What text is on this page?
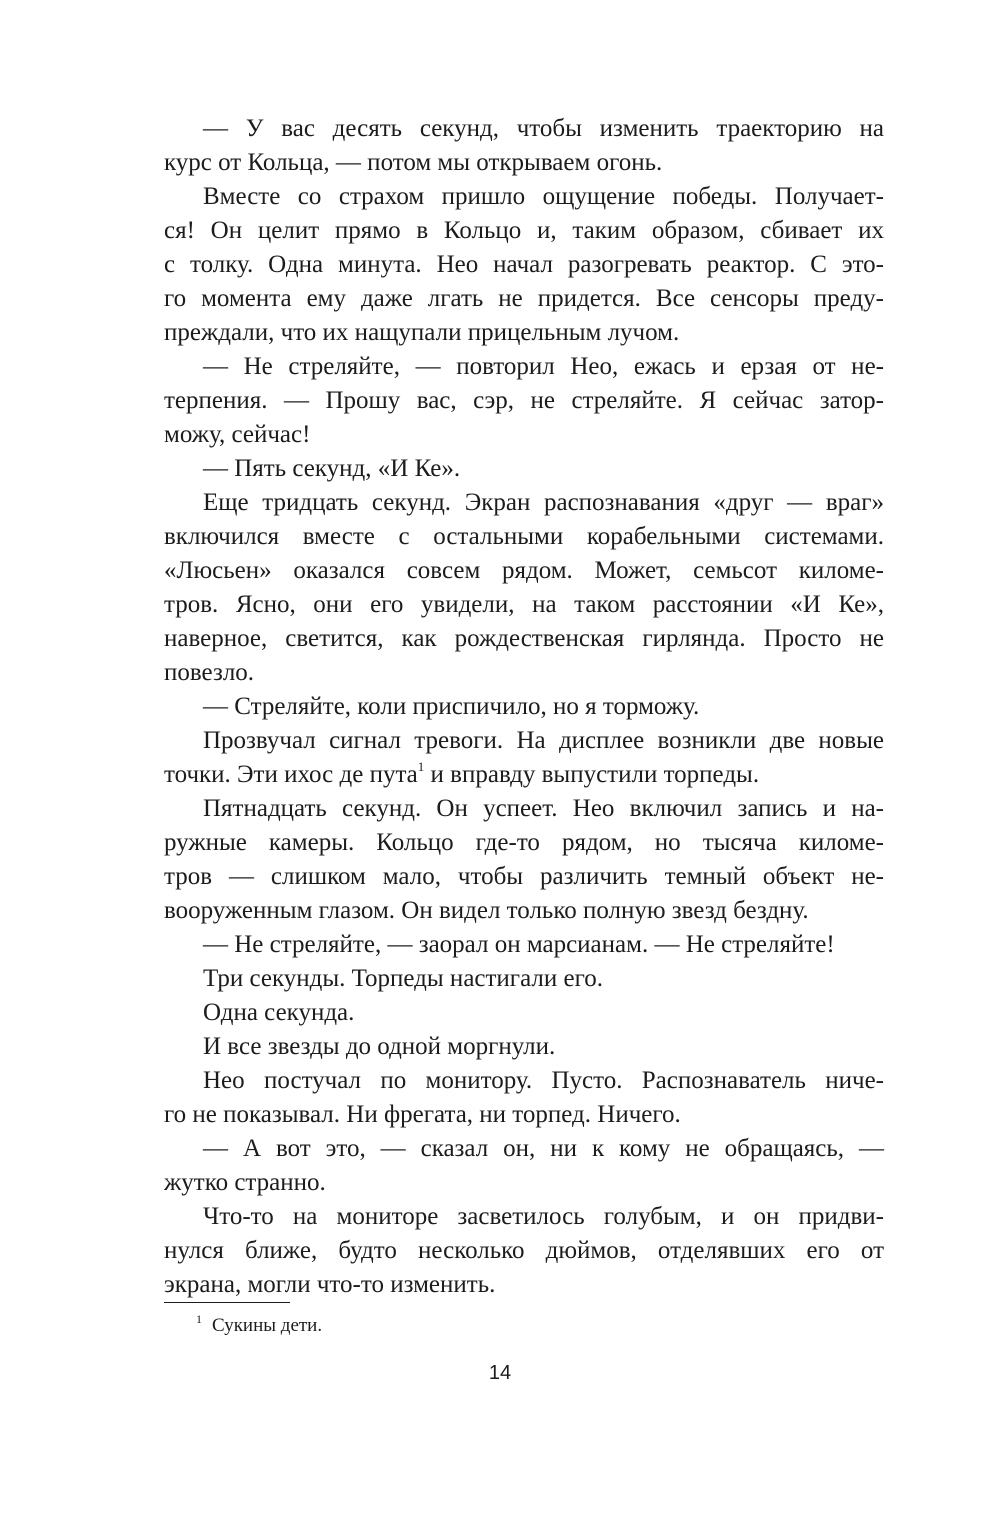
— У вас десять секунд, чтобы изменить траекторию на
курс от Кольца, — потом мы открываем огонь.
Вместе со страхом пришло ощущение победы. Получает-
ся! Он целит прямо в Кольцо и, таким образом, сбивает их
с толку. Одна минута. Нео начал разогревать реактор. С это-
го момента ему даже лгать не придется. Все сенсоры преду-
преждали, что их нащупали прицельным лучом.
— Не стреляйте, — повторил Нео, ежась и ерзая от не-
терпения. — Прошу вас, сэр, не стреляйте. Я сейчас затор-
можу, сейчас!
— Пять секунд, «И Ке».
Еще тридцать секунд. Экран распознавания «друг — враг»
включился вместе с остальными корабельными системами.
«Люсьен» оказался совсем рядом. Может, семьсот киломе-
тров. Ясно, они его увидели, на таком расстоянии «И Ке»,
наверное, светится, как рождественская гирлянда. Просто не
повезло.
— Стреляйте, коли приспичило, но я торможу.
Прозвучал сигнал тревоги. На дисплее возникли две новые
точки. Эти ихос де пута$^1$ и вправду выпустили торпеды.
Пятнадцать секунд. Он успеет. Нео включил запись и на-
ружные камеры. Кольцо где-то рядом, но тысяча киломе-
тров — слишком мало, чтобы различить темный объект не-
вооруженным глазом. Он видел только полную звезд бездну.
— Не стреляйте, — заорал он марсианам. — Не стреляйте!
Три секунды. Торпеды настигали его.
Одна секунда.
И все звезды до одной моргнули.
Нео постучал по монитору. Пусто. Распознаватель ниче-
го не показывал. Ни фрегата, ни торпед. Ничего.
— А вот это, — сказал он, ни к кому не обращаясь, —
жутко странно.
Что-то на мониторе засветилось голубым, и он придви-
нулся ближе, будто несколько дюймов, отделявших его от
экрана, могли что-то изменить.
$^1$ Сукины дети.
14
